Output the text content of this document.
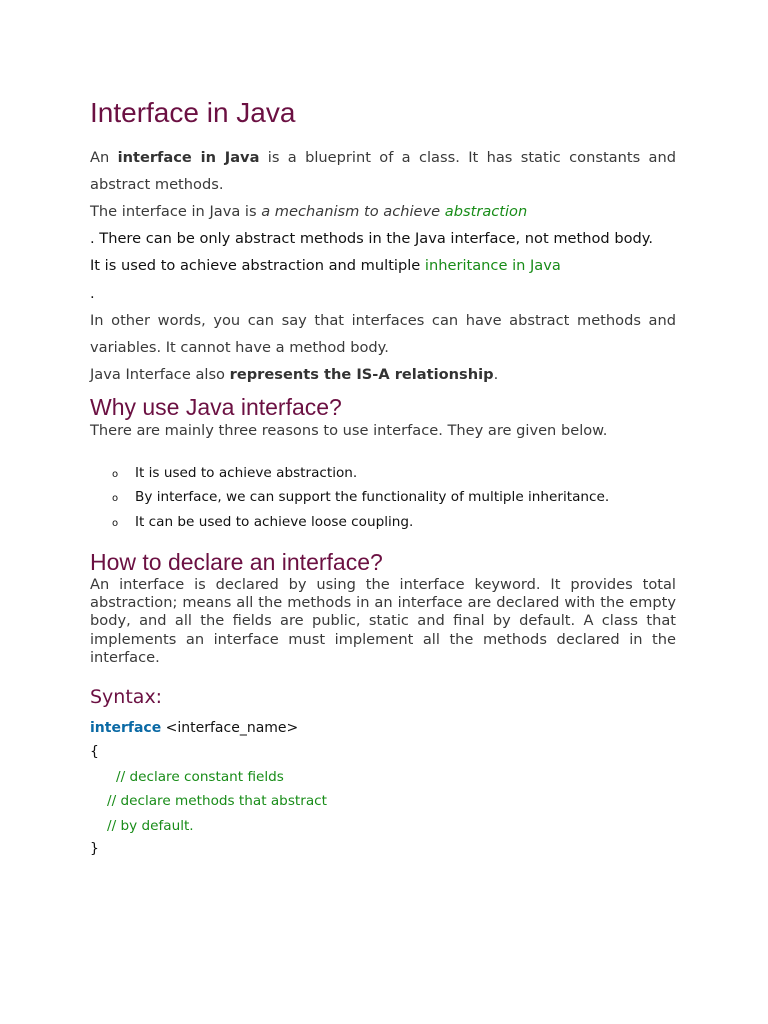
Interface in Java
An interface in Java is a blueprint of a class. It has static constants and
abstract methods.
The interface in Java is a mechanism to achieve abstraction
. There can be only abstract methods in the Java interface, not method body.
It is used to achieve abstraction and multiple inheritance in Java
.
In other words, you can say that interfaces can have abstract methods and
variables. It cannot have a method body.
Java Interface also represents the IS-A relationship.
Why use Java interface?
There are mainly three reasons to use interface. They are given below.
o It is used to achieve abstraction.
o By interface, we can support the functionality of multiple inheritance.
o It can be used to achieve loose coupling.
How to declare an interface?
An interface is declared by using the interface keyword. It provides total abstraction; means all the methods in an interface are declared with the empty body, and all the fields are public, static and final by default. A class that implements an interface must implement all the methods declared in the interface.
Syntax:
interface <interface_name>
{
// declare constant fields
// declare methods that abstract
// by default.
}
